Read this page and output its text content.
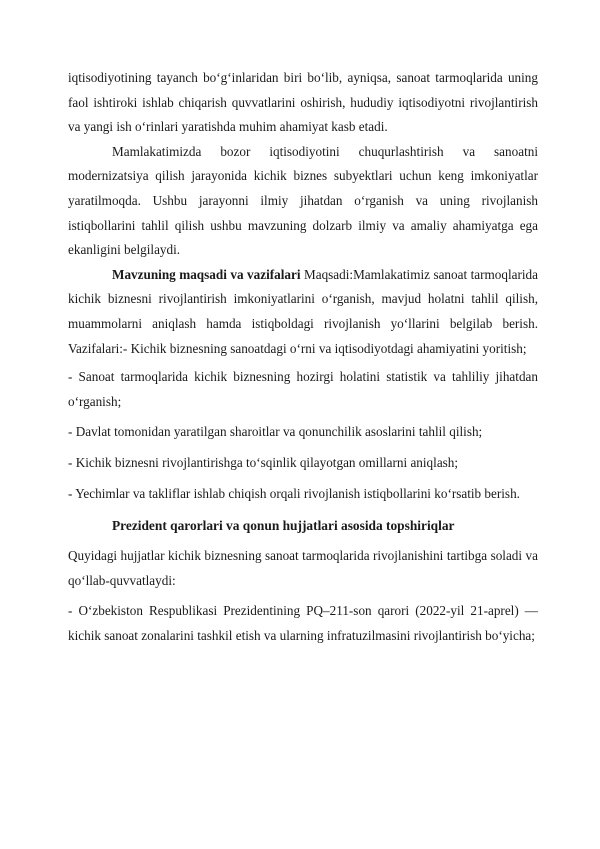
iqtisodiyotining tayanch bo‘g‘inlaridan biri bo‘lib, ayniqsa, sanoat tarmoqlarida uning faol ishtiroki ishlab chiqarish quvvatlarini oshirish, hududiy iqtisodiyotni rivojlantirish va yangi ish o‘rinlari yaratishda muhim ahamiyat kasb etadi.

Mamlakatimizda bozor iqtisodiyotini chuqurlashtirish va sanoatni modernizatsiya qilish jarayonida kichik biznes subyektlari uchun keng imkoniyatlar yaratilmoqda. Ushbu jarayonni ilmiy jihatdan o‘rganish va uning rivojlanish istiqbollarini tahlil qilish ushbu mavzuning dolzarb ilmiy va amaliy ahamiyatga ega ekanligini belgilaydi.

Mavzuning maqsadi va vazifalari Maqsadi:Mamlakatimiz sanoat tarmoqlarida kichik biznesni rivojlantirish imkoniyatlarini o‘rganish, mavjud holatni tahlil qilish, muammolarni aniqlash hamda istiqboldagi rivojlanish yo‘llarini belgilab berish. Vazifalari:- Kichik biznesning sanoatdagi o‘rni va iqtisodiyotdagi ahamiyatini yoritish;

- Sanoat tarmoqlarida kichik biznesning hozirgi holatini statistik va tahliliy jihatdan o‘rganish;

- Davlat tomonidan yaratilgan sharoitlar va qonunchilik asoslarini tahlil qilish;

- Kichik biznesni rivojlantirishga to‘sqinlik qilayotgan omillarni aniqlash;

- Yechimlar va takliflar ishlab chiqish orqali rivojlanish istiqbollarini ko‘rsatib berish.

Prezident qarorlari va qonun hujjatlari asosida topshiriqlar

Quyidagi hujjatlar kichik biznesning sanoat tarmoqlarida rivojlanishini tartibga soladi va qo‘llab-quvvatlaydi:

- O‘zbekiston Respublikasi Prezidentining PQ–211-son qarori (2022-yil 21-aprel) — kichik sanoat zonalarini tashkil etish va ularning infratuzilmasini rivojlantirish bo‘yicha;
